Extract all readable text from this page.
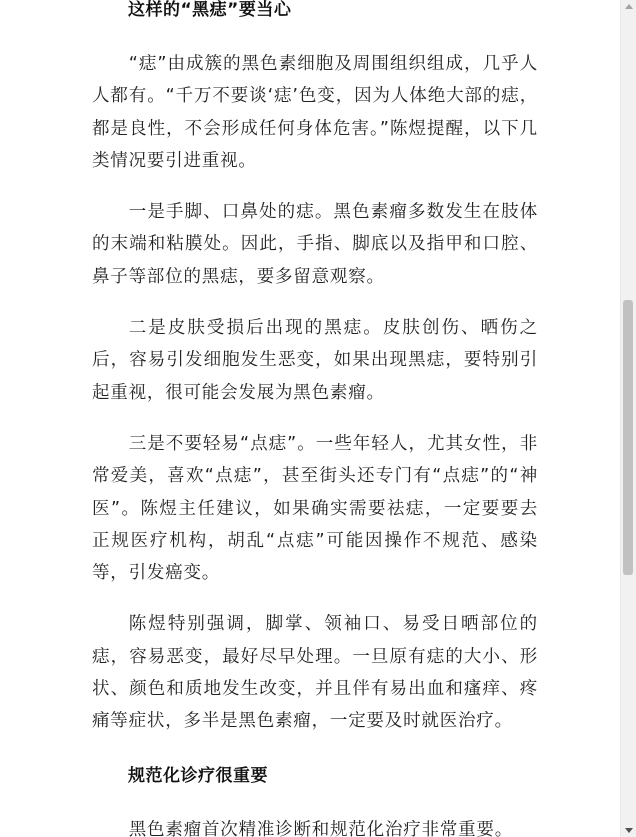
这样的“黑痣”要当心

“痣”由成簇的黑色素细胞及周围组织组成，几乎人人都有。“千万不要谈‘痣’色变，因为人体绝大部的痣，都是良性，不会形成任何身体危害。”陈煜提醒，以下几类情况要引进重视。

一是手脚、口鼻处的痣。黑色素瘤多数发生在肢体的末端和粘膜处。因此，手指、脚底以及指甲和口腔、鼻子等部位的黑痣，要多留意观察。

二是皮肤受损后出现的黑痣。皮肤创伤、晒伤之后，容易引发细胞发生恶变，如果出现黑痣，要特别引起重视，很可能会发展为黑色素瘤。

三是不要轻易“点痣”。一些年轻人，尤其女性，非常爱美，喜欢“点痣”，甚至街头还专门有“点痣”的“神医”。陈煜主任建议，如果确实需要祛痣，一定要要去正规医疗机构，胡乱“点痣”可能因操作不规范、感染等，引发癌变。

陈煜特别强调，脚掌、领袖口、易受日晒部位的痣，容易恶变，最好尽早处理。一旦原有痣的大小、形状、颜色和质地发生改变，并且伴有易出血和瘙痒、疼痛等症状，多半是黑色素瘤，一定要及时就医治疗。

规范化诊疗很重要

黑色素瘤首次精准诊断和规范化治疗非常重要。
